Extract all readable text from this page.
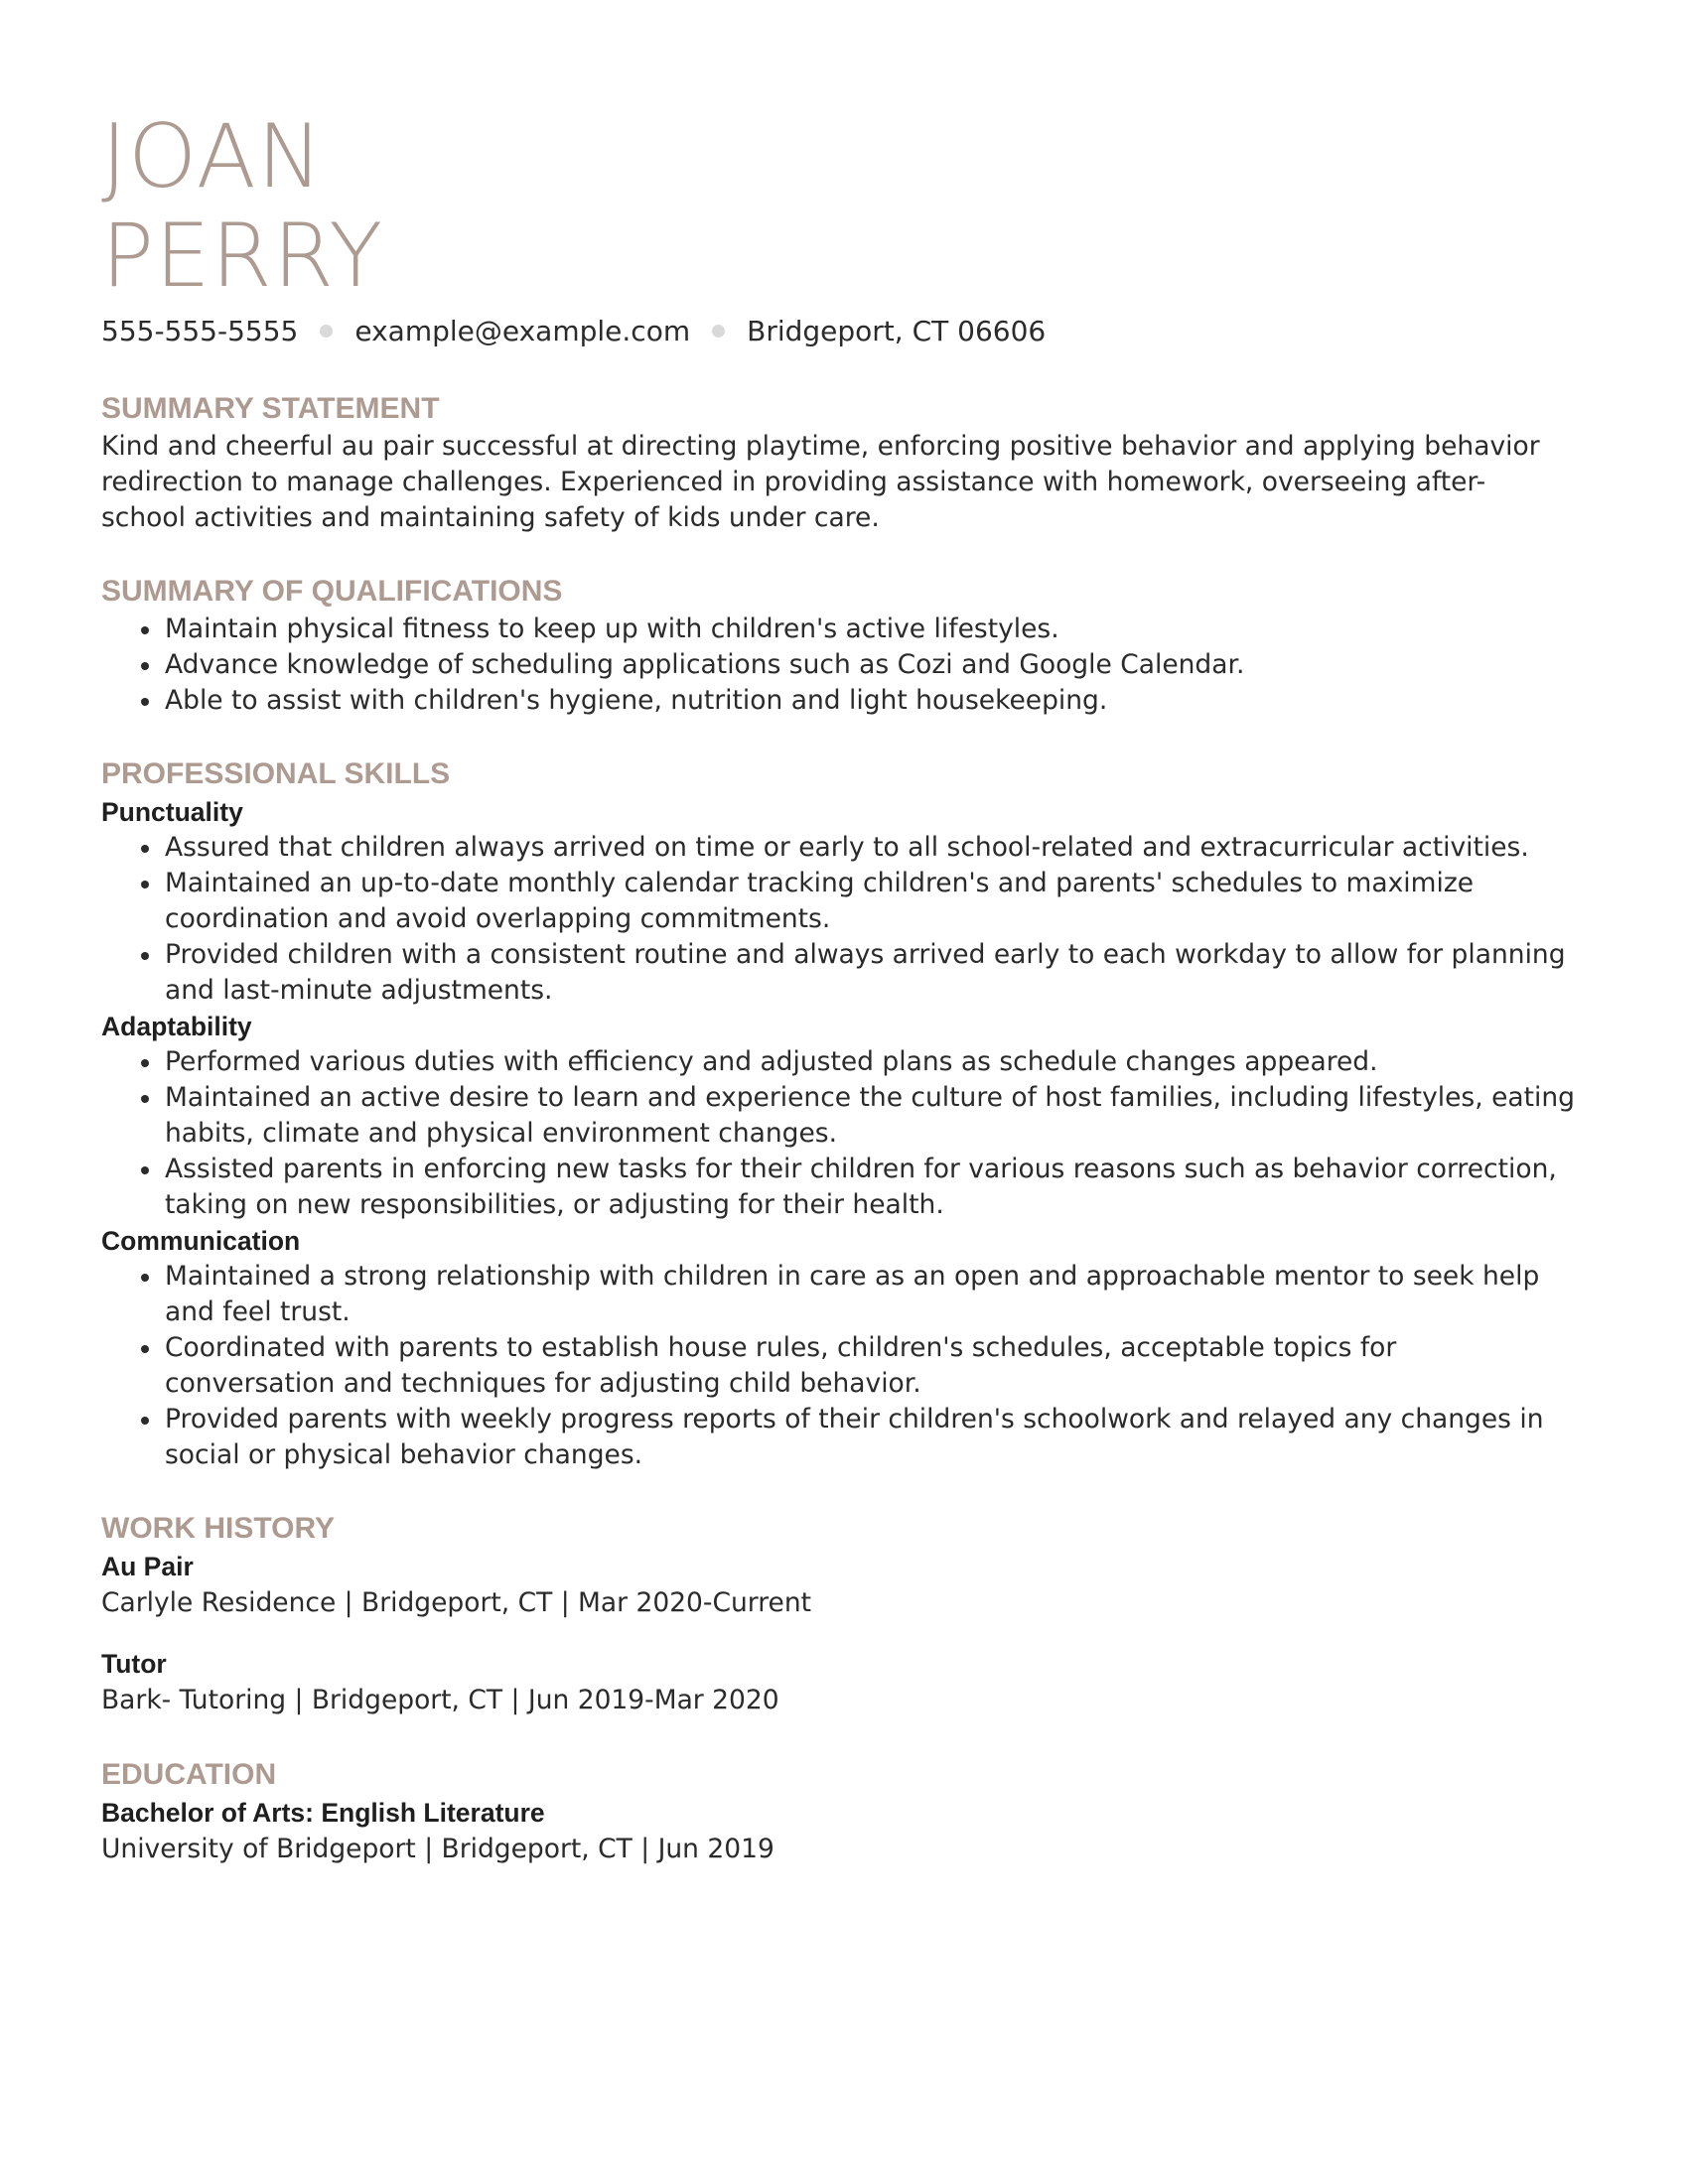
JOAN
PERRY
555-555-5555 example@example.com Bridgeport, CT 06606
SUMMARY STATEMENT
Kind and cheerful au pair successful at directing playtime, enforcing positive behavior and applying behavior
redirection to manage challenges. Experienced in providing assistance with homework, overseeing after-
school activities and maintaining safety of kids under care.
SUMMARY OF QUALIFICATIONS
Maintain physical fitness to keep up with children's active lifestyles.
Advance knowledge of scheduling applications such as Cozi and Google Calendar.
Able to assist with children's hygiene, nutrition and light housekeeping.
PROFESSIONAL SKILLS
Punctuality
Assured that children always arrived on time or early to all school-related and extracurricular activities.
Maintained an up-to-date monthly calendar tracking children's and parents' schedules to maximize
coordination and avoid overlapping commitments.
Provided children with a consistent routine and always arrived early to each workday to allow for planning
and last-minute adjustments.
Adaptability
Performed various duties with efficiency and adjusted plans as schedule changes appeared.
Maintained an active desire to learn and experience the culture of host families, including lifestyles, eating
habits, climate and physical environment changes.
Assisted parents in enforcing new tasks for their children for various reasons such as behavior correction,
taking on new responsibilities, or adjusting for their health.
Communication
Maintained a strong relationship with children in care as an open and approachable mentor to seek help
and feel trust.
Coordinated with parents to establish house rules, children's schedules, acceptable topics for
conversation and techniques for adjusting child behavior.
Provided parents with weekly progress reports of their children's schoolwork and relayed any changes in
social or physical behavior changes.
WORK HISTORY
Au Pair
Carlyle Residence | Bridgeport, CT | Mar 2020-Current
Tutor
Bark- Tutoring | Bridgeport, CT | Jun 2019-Mar 2020
EDUCATION
Bachelor of Arts: English Literature
University of Bridgeport | Bridgeport, CT | Jun 2019
